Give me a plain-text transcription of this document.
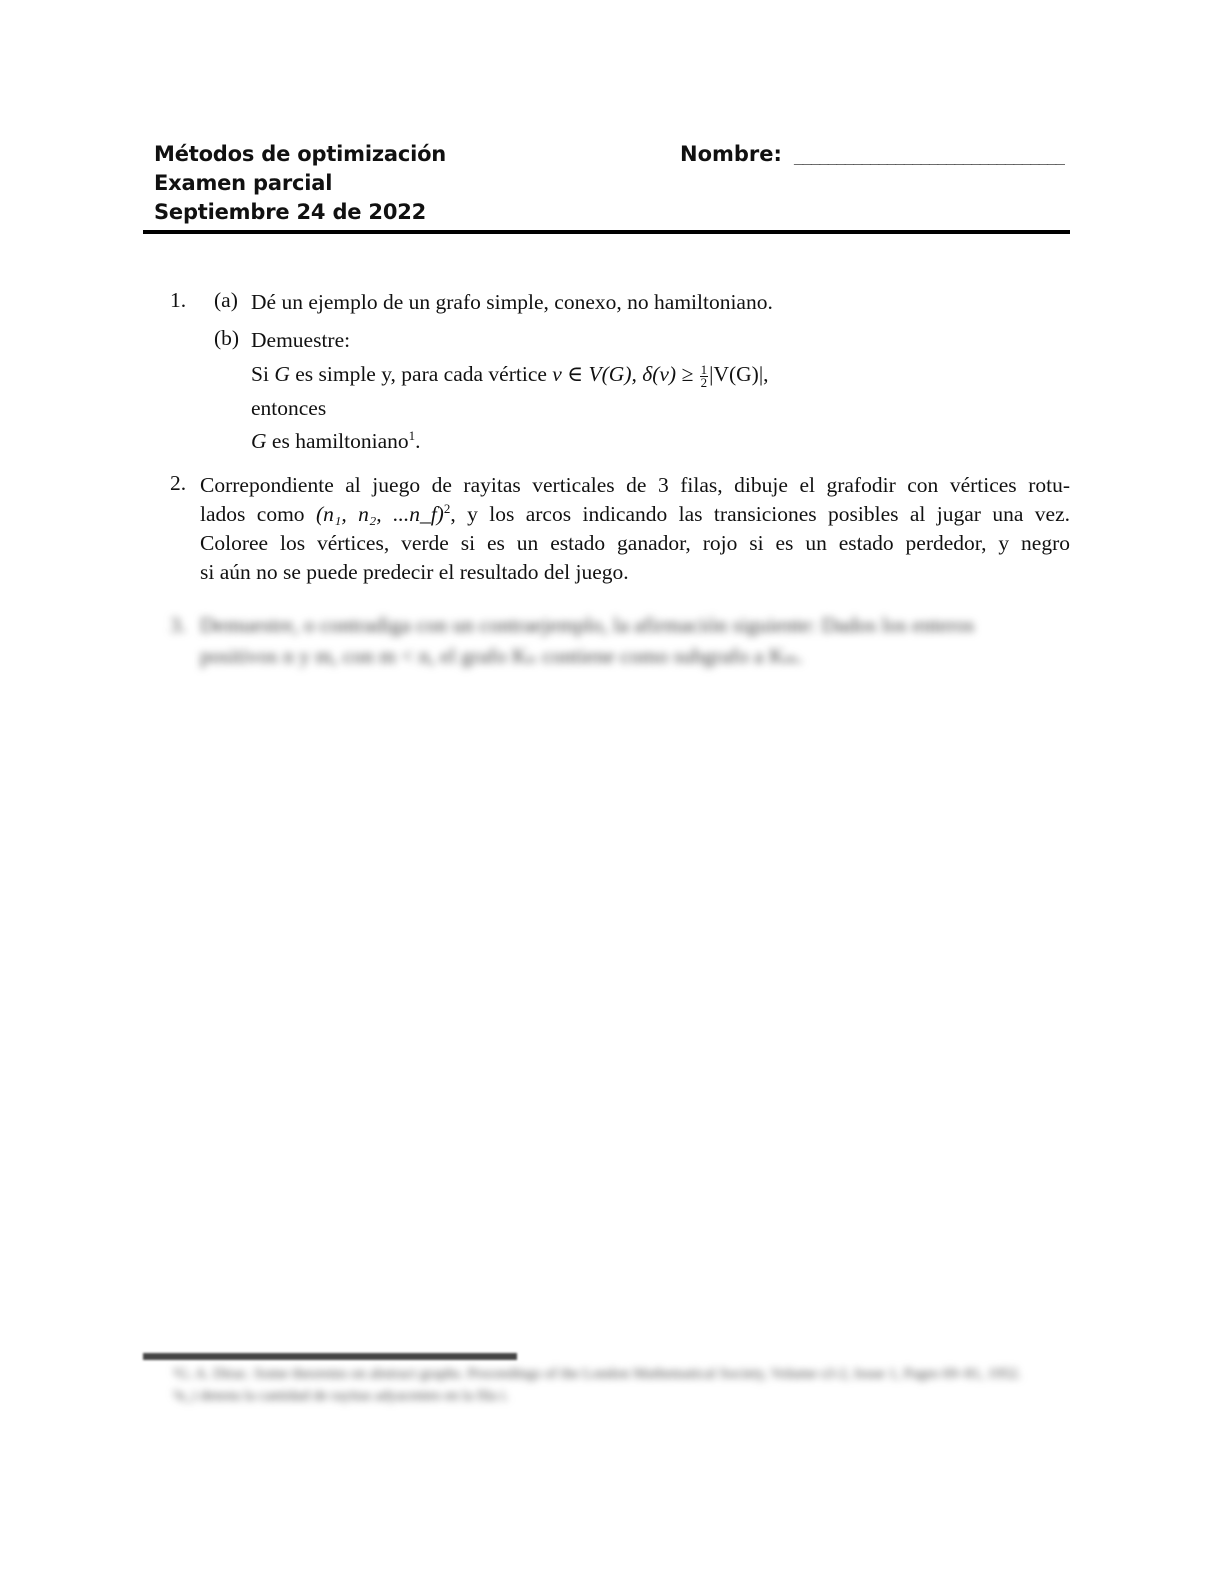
Métodos de optimización
Examen parcial
Septiembre 24 de 2022
Nombre: ________________________________
1. (a) Dé un ejemplo de un grafo simple, conexo, no hamiltoniano.
(b) Demuestre:
Si G es simple y, para cada vértice v ∈ V(G), $\delta(v) \ge \frac{1}{2} |V(G)|$,
entonces
G es hamiltoniano$^1$.
2. Correpondiente al juego de rayitas verticales de 3 filas, dibuje el grafodir con vértices rotu-
lados como (n₁, n₂, ...n_f)$^2$, y los arcos indicando las transiciones posibles al jugar una vez.
Coloree los vértices, verde si es un estado ganador, rojo si es un estado perdedor, y negro
si aún no se puede predecir el resultado del juego.
3. Demuestre, o contradiga con un contraejemplo, la afirmación siguiente: Dados los enteros
positivos n y m, con m < n, el grafo Kₙ contiene como subgrafo a Kₘ.
¹G. A. Dirac. Some theorems on abstract graphs. Proceedings of the London Mathematical Society, Volume s3-2, Issue 1, Pages 69–81, 1952.
²n_i denota la cantidad de rayitas adyacentes en la fila i.
